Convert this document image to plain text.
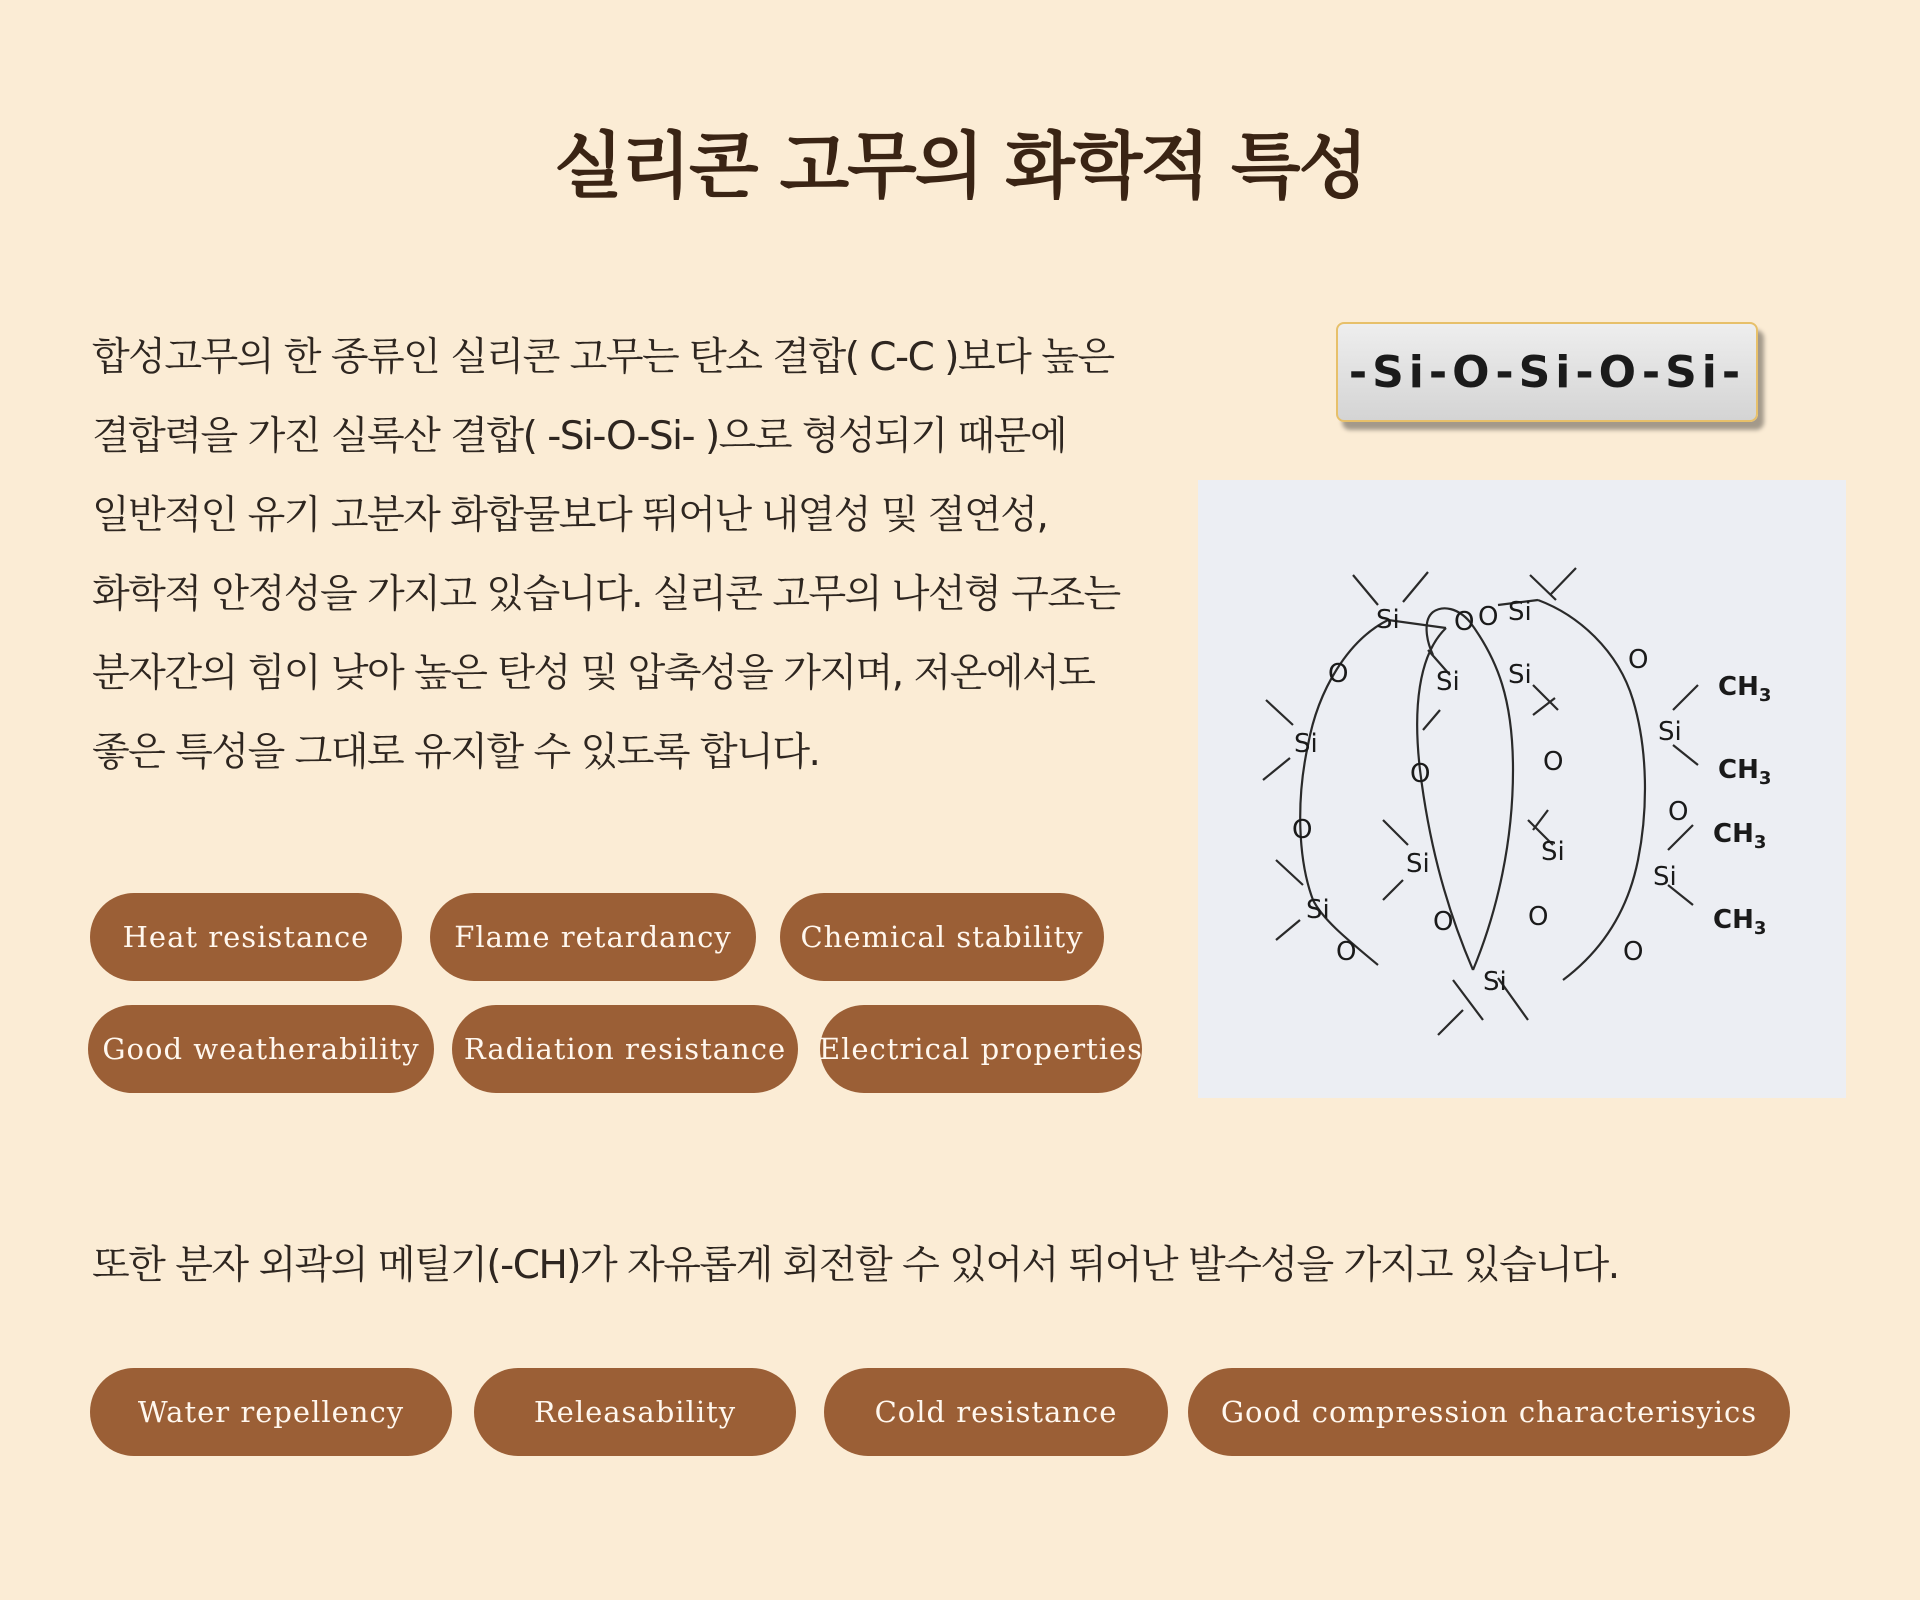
실리콘 고무의 화학적 특성
합성고무의 한 종류인 실리콘 고무는 탄소 결합( C-C )보다 높은 결합력을 가진 실록산 결합( -Si-O-Si- )으로 형성되기 때문에 일반적인 유기 고분자 화합물보다 뛰어난 내열성 및 절연성, 화학적 안정성을 가지고 있습니다. 실리콘 고무의 나선형 구조는 분자간의 힘이 낮아 높은 탄성 및 압축성을 가지며, 저온에서도 좋은 특성을 그대로 유지할 수 있도록 합니다.
Heat resistance	Flame retardancy	Chemical stability
Good weatherability	Radiation resistance	Electrical properties
-Si-O-Si-O-Si-
Si
Si
Si
Si
Si
Si
Si
Si
Si
Si
Si
O
O
O
O O
O
O
O
O
O
O
O
$CH_3$
$CH_3$
$CH_3$
$CH_3$
또한 분자 외곽의 메틸기(-CH)가 자유롭게 회전할 수 있어서 뛰어난 발수성을 가지고 있습니다.
Water repellency	Releasability	Cold resistance	Good compression characterisyics
